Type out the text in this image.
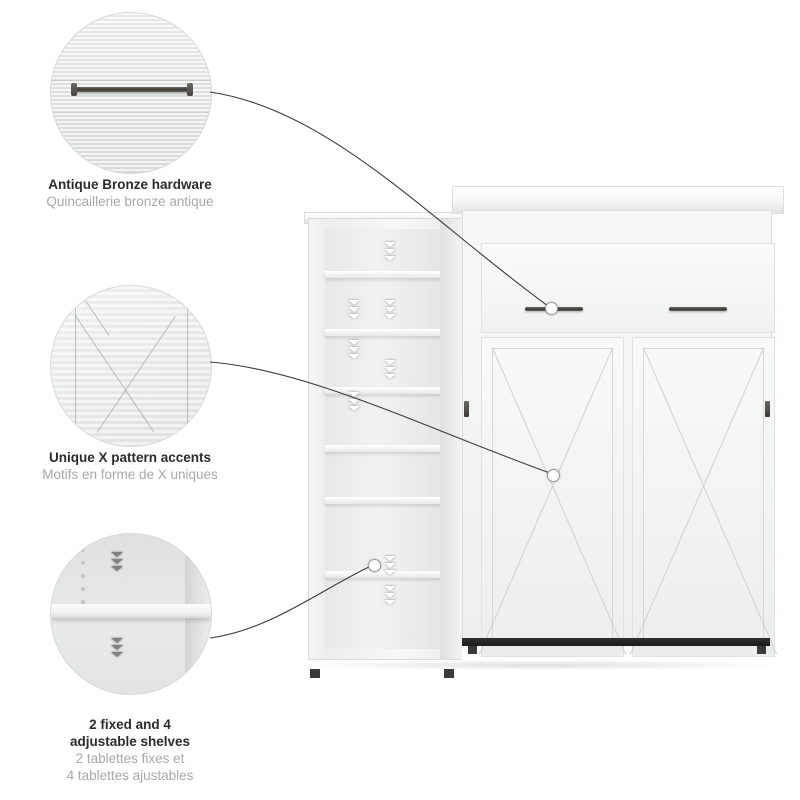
Antique Bronze hardware
Quincaillerie bronze antique
Unique X pattern accents
Motifs en forme de X uniques
2 fixed and 4
adjustable shelves
2 tablettes fixes et
4 tablettes ajustables
